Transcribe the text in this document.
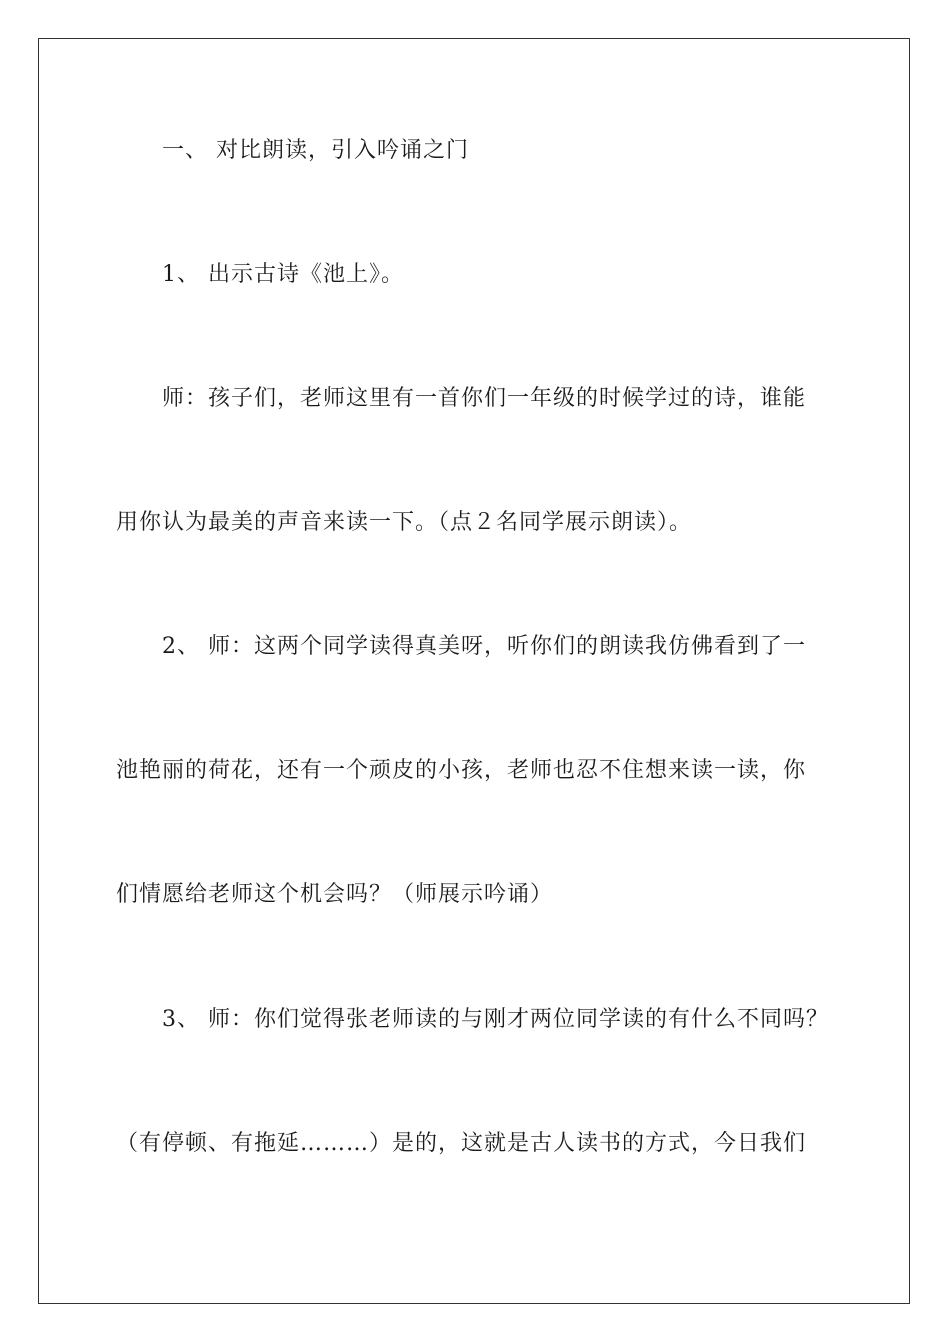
一、 对比朗读，引入吟诵之门
1、 出示古诗《池上》。
师：孩子们，老师这里有一首你们一年级的时候学过的诗，谁能
用你认为最美的声音来读一下。（点２名同学展示朗读）。
2、 师：这两个同学读得真美呀，听你们的朗读我仿佛看到了一
池艳丽的荷花，还有一个顽皮的小孩，老师也忍不住想来读一读，你
们情愿给老师这个机会吗？（师展示吟诵）
3、 师：你们觉得张老师读的与刚才两位同学读的有什么不同吗？
（有停顿、有拖延………）是的，这就是古人读书的方式，今日我们
